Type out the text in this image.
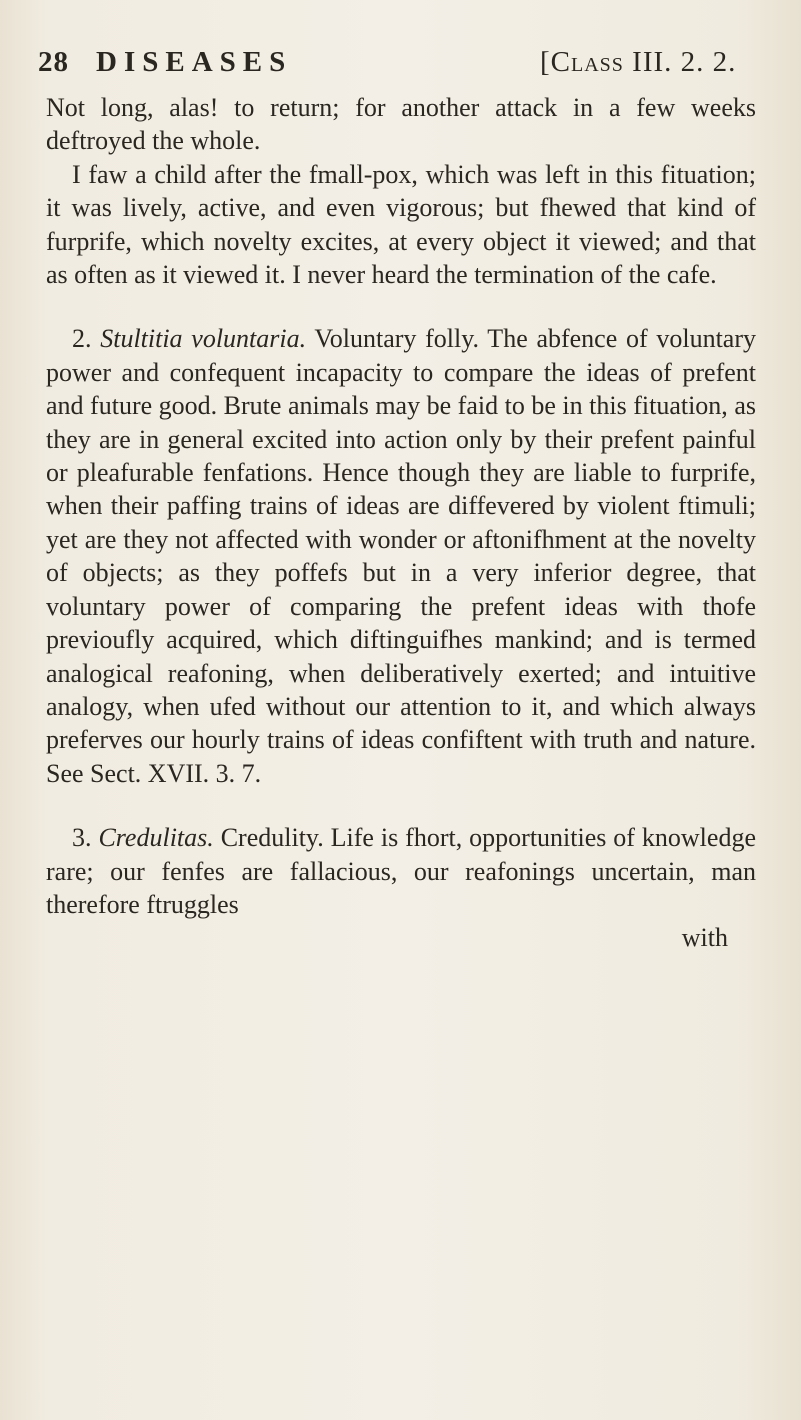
28 DISEASES	[Class III. 2. 2.

Not long, alas! to return; for another attack in a few weeks deftroyed the whole.

I faw a child after the fmall-pox, which was left in this fituation; it was lively, active, and even vigorous; but fhewed that kind of furprife, which novelty excites, at every object it viewed; and that as often as it viewed it. I never heard the termination of the cafe.

2. Stultitia voluntaria. Voluntary folly. The abfence of voluntary power and confequent incapacity to compare the ideas of prefent and future good. Brute animals may be faid to be in this fituation, as they are in general excited into action only by their prefent painful or pleafurable fenfations. Hence though they are liable to furprife, when their paffing trains of ideas are diffevered by violent ftimuli; yet are they not affected with wonder or aftonifhment at the novelty of objects; as they poffefs but in a very inferior degree, that voluntary power of comparing the prefent ideas with thofe previoufly acquired, which diftinguifhes mankind; and is termed analogical reafoning, when deliberatively exerted; and intuitive analogy, when ufed without our attention to it, and which always preferves our hourly trains of ideas confiftent with truth and nature. See Sect. XVII. 3. 7.

3. Credulitas. Credulity. Life is fhort, opportunities of knowledge rare; our fenfes are fallacious, our reafonings uncertain, man therefore ftruggles

with
